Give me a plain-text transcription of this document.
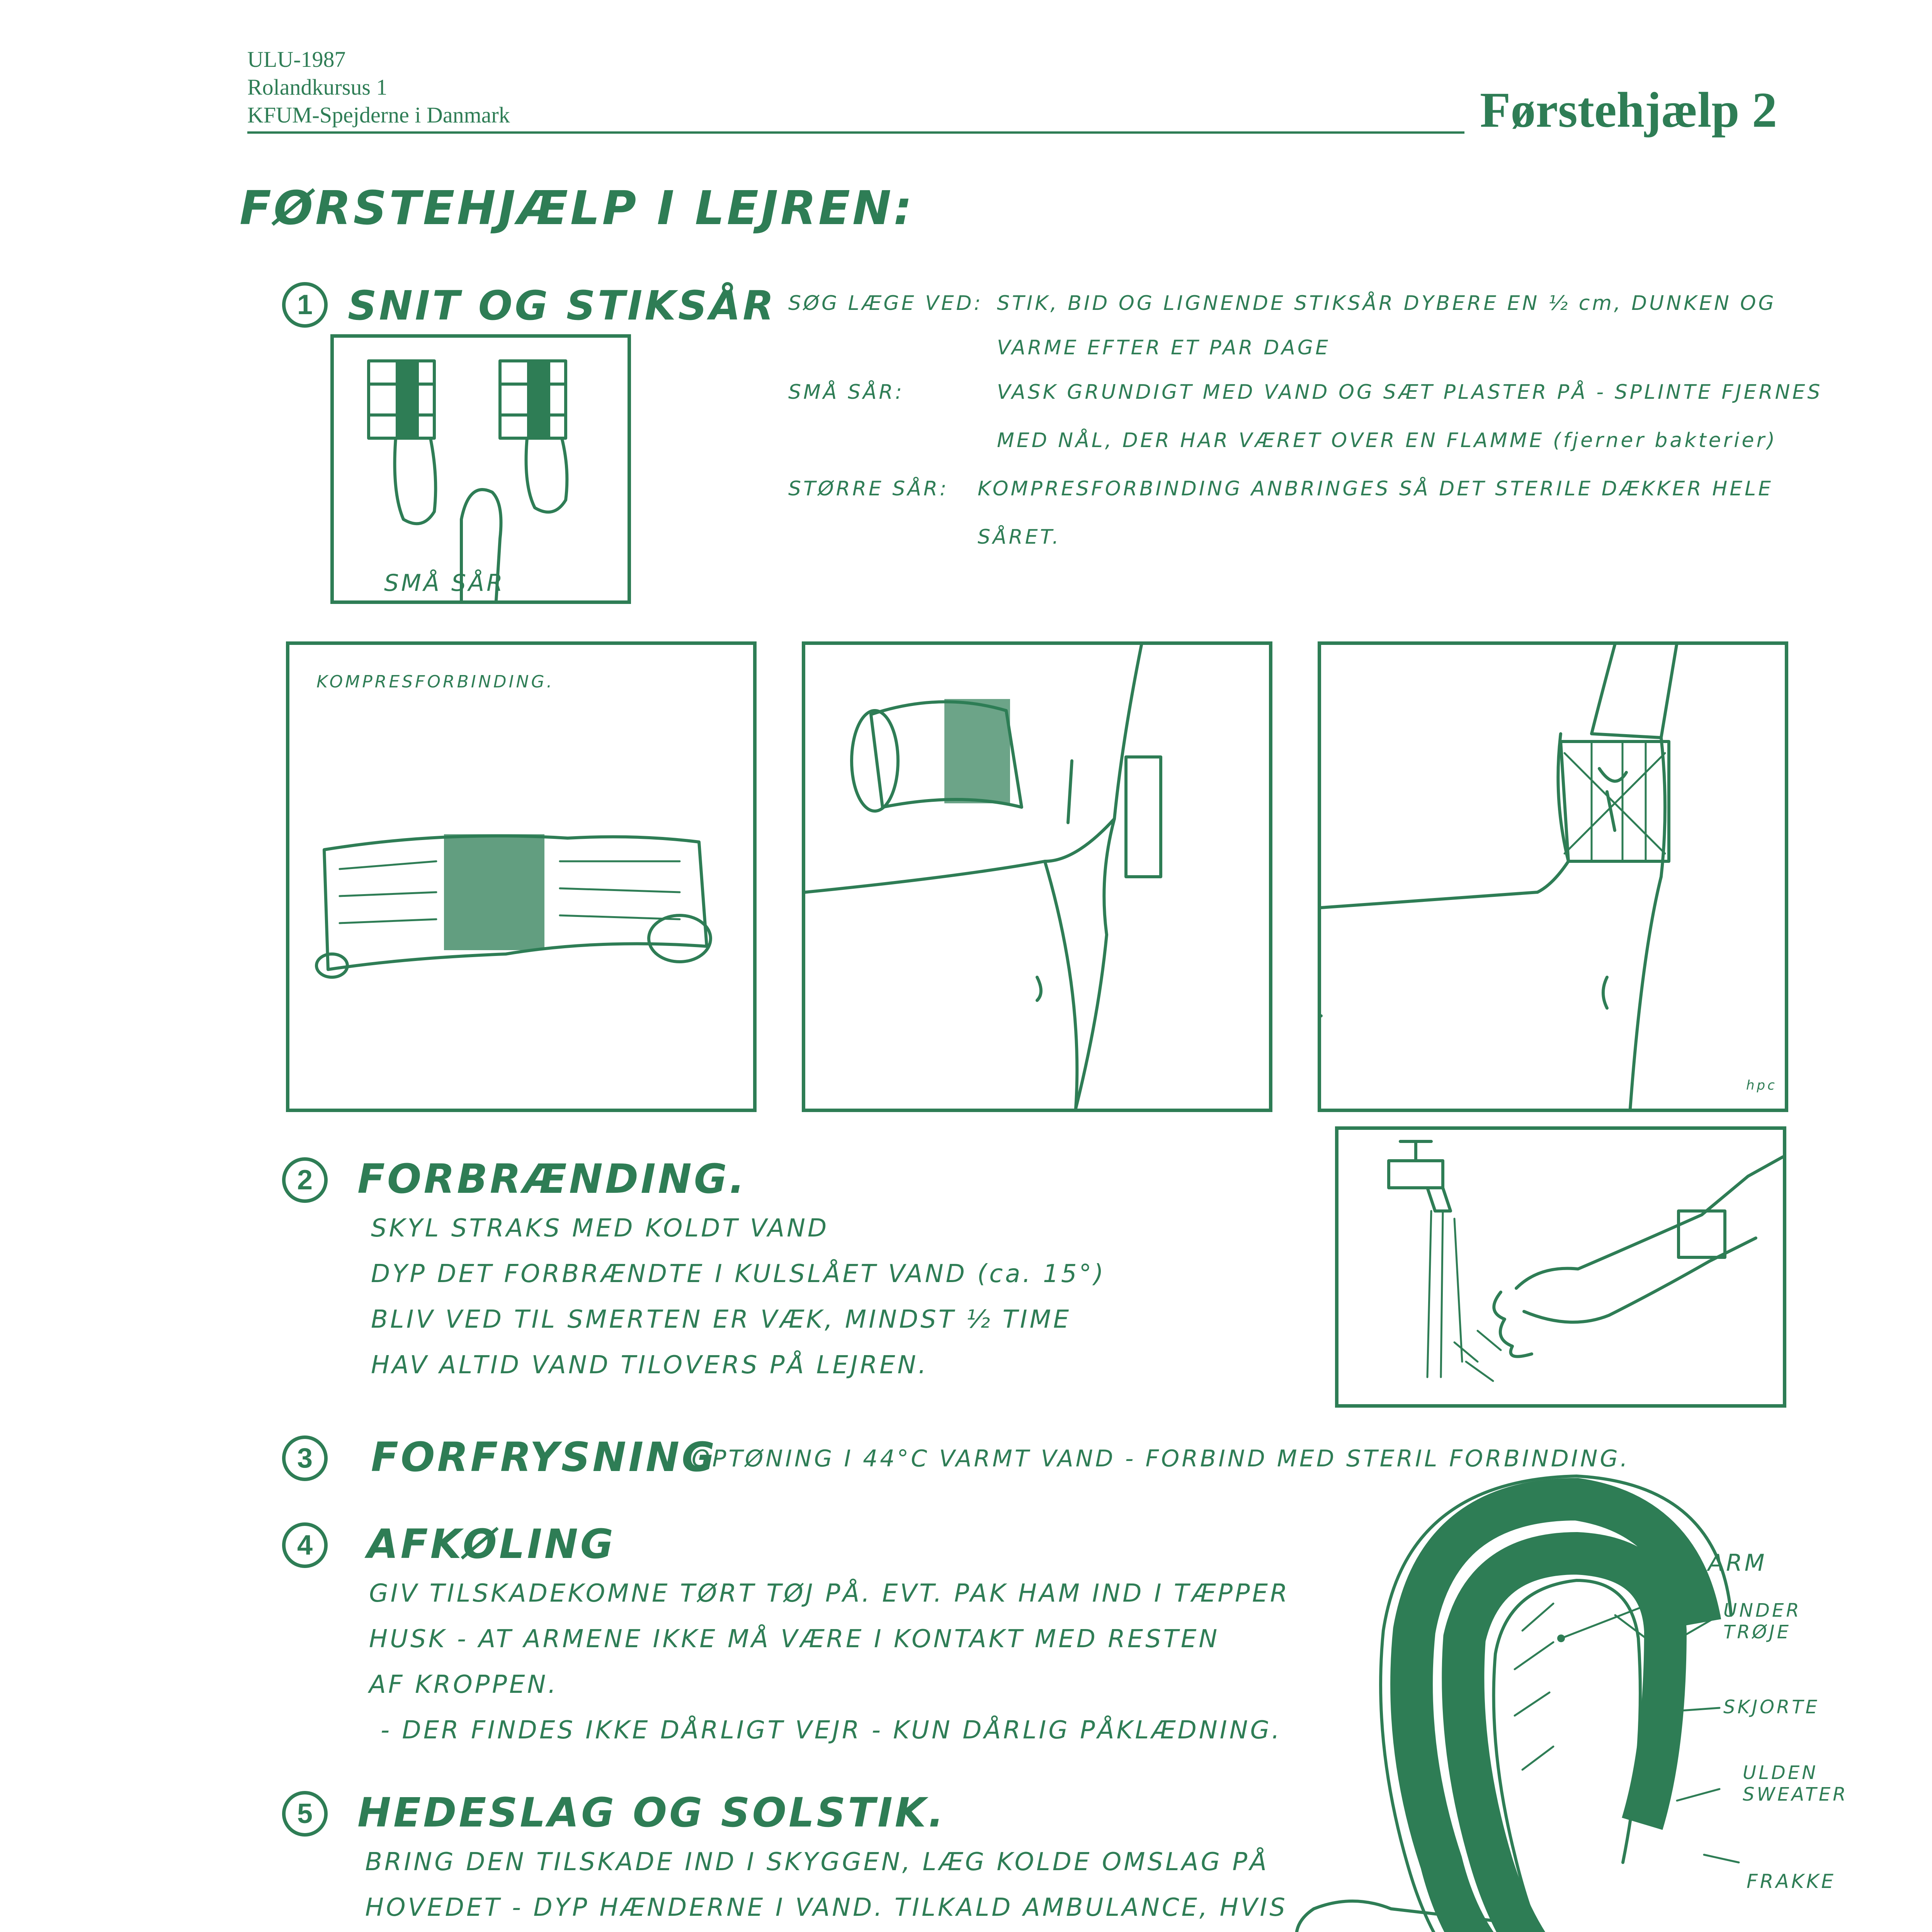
ULU-1987
Rolandkursus 1
KFUM-Spejderne i Danmark	Førstehjælp 2
FØRSTEHJÆLP I LEJREN:
1 SNIT OG STIKSÅR
SMÅ SÅR
SØG LÆGE VED: STIK, BID OG LIGNENDE STIKSÅR DYBERE EN ½ cm, DUNKEN OG
VARME EFTER ET PAR DAGE
SMÅ SÅR:	VASK GRUNDIGT MED VAND OG SÆT PLASTER PÅ - SPLINTE FJERNES
MED NÅL, DER HAR VÆRET OVER EN FLAMME (fjerner bakterier)
STØRRE SÅR: KOMPRESFORBINDING ANBRINGES SÅ DET STERILE DÆKKER HELE
SÅRET.
KOMPRESFORBINDING.
hpc
2	FORBRÆNDING.
SKYL STRAKS MED KOLDT VAND
DYP DET FORBRÆNDTE I KULSLÅET VAND (ca. 15°)
BLIV VED TIL SMERTEN ER VÆK, MINDST ½ TIME
HAV ALTID VAND TILOVERS PÅ LEJREN.
3	FORFRYSNING
OPTØNING I 44°C VARMT VAND - FORBIND MED STERIL FORBINDING.
4	AFKØLING
GIV TILSKADEKOMNE TØRT TØJ PÅ. EVT. PAK HAM IND I TÆPPER
HUSK - AT ARMENE IKKE MÅ VÆRE I KONTAKT MED RESTEN
AF KROPPEN.
- DER FINDES IKKE DÅRLIGT VEJR - KUN DÅRLIG PÅKLÆDNING.
ARM
UNDER TRØJE
SKJORTE
ULDEN SWEATER
FRAKKE
5	HEDESLAG OG SOLSTIK.
BRING DEN TILSKADE IND I SKYGGEN, LÆG KOLDE OMSLAG PÅ
HOVEDET - DYP HÆNDERNE I VAND. TILKALD AMBULANCE, HVIS
